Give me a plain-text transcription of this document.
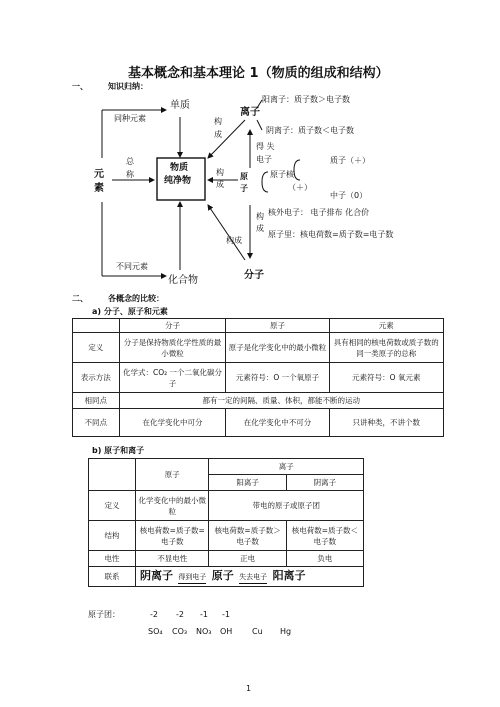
基本概念和基本理论 1（物质的组成和结构）
一、	知识归纳：
单质
同种元素
元
素
总
称
物质
纯净物
不同元素
化合物
构
成
构
成
构成
构
成
离子
阳离子：质子数＞电子数
阴离子：质子数＜电子数
得 失
电子
原
子
质子（＋）
原子核
（＋）
中子（0）
核外电子： 电子排布 化合价
原子里：核电荷数=质子数=电子数
分子
二、	各概念的比较：
a) 分子、原子和元素
	分子	原子	元素
定义	分子是保持物质化学性质的最小微粒	原子是化学变化中的最小微粒	具有相同的核电荷数或质子数的同一类原子的总称
表示方法	化学式：CO₂ 一个二氧化碳分子	元素符号：O 一个氧原子	元素符号：O 氧元素
相同点	都有一定的间隔、质量、体积，都能不断的运动		
不同点	在化学变化中可分	在化学变化中不可分	只讲种类，不讲个数
b) 原子和离子
	原子	离子	
		阳离子	阴离子
定义	化学变化中的最小微粒	带电的原子或原子团	
结构	核电荷数=质子数=电子数	核电荷数=质子数＞电子数	核电荷数=质子数＜电子数
电性	不显电性	正电	负电
联系	阴离子 得到电子 原子 失去电子 阳离子		
原子团：	-2 -2 -1 -1
SO₄ CO₃ NO₃ OH Cu Hg
1
